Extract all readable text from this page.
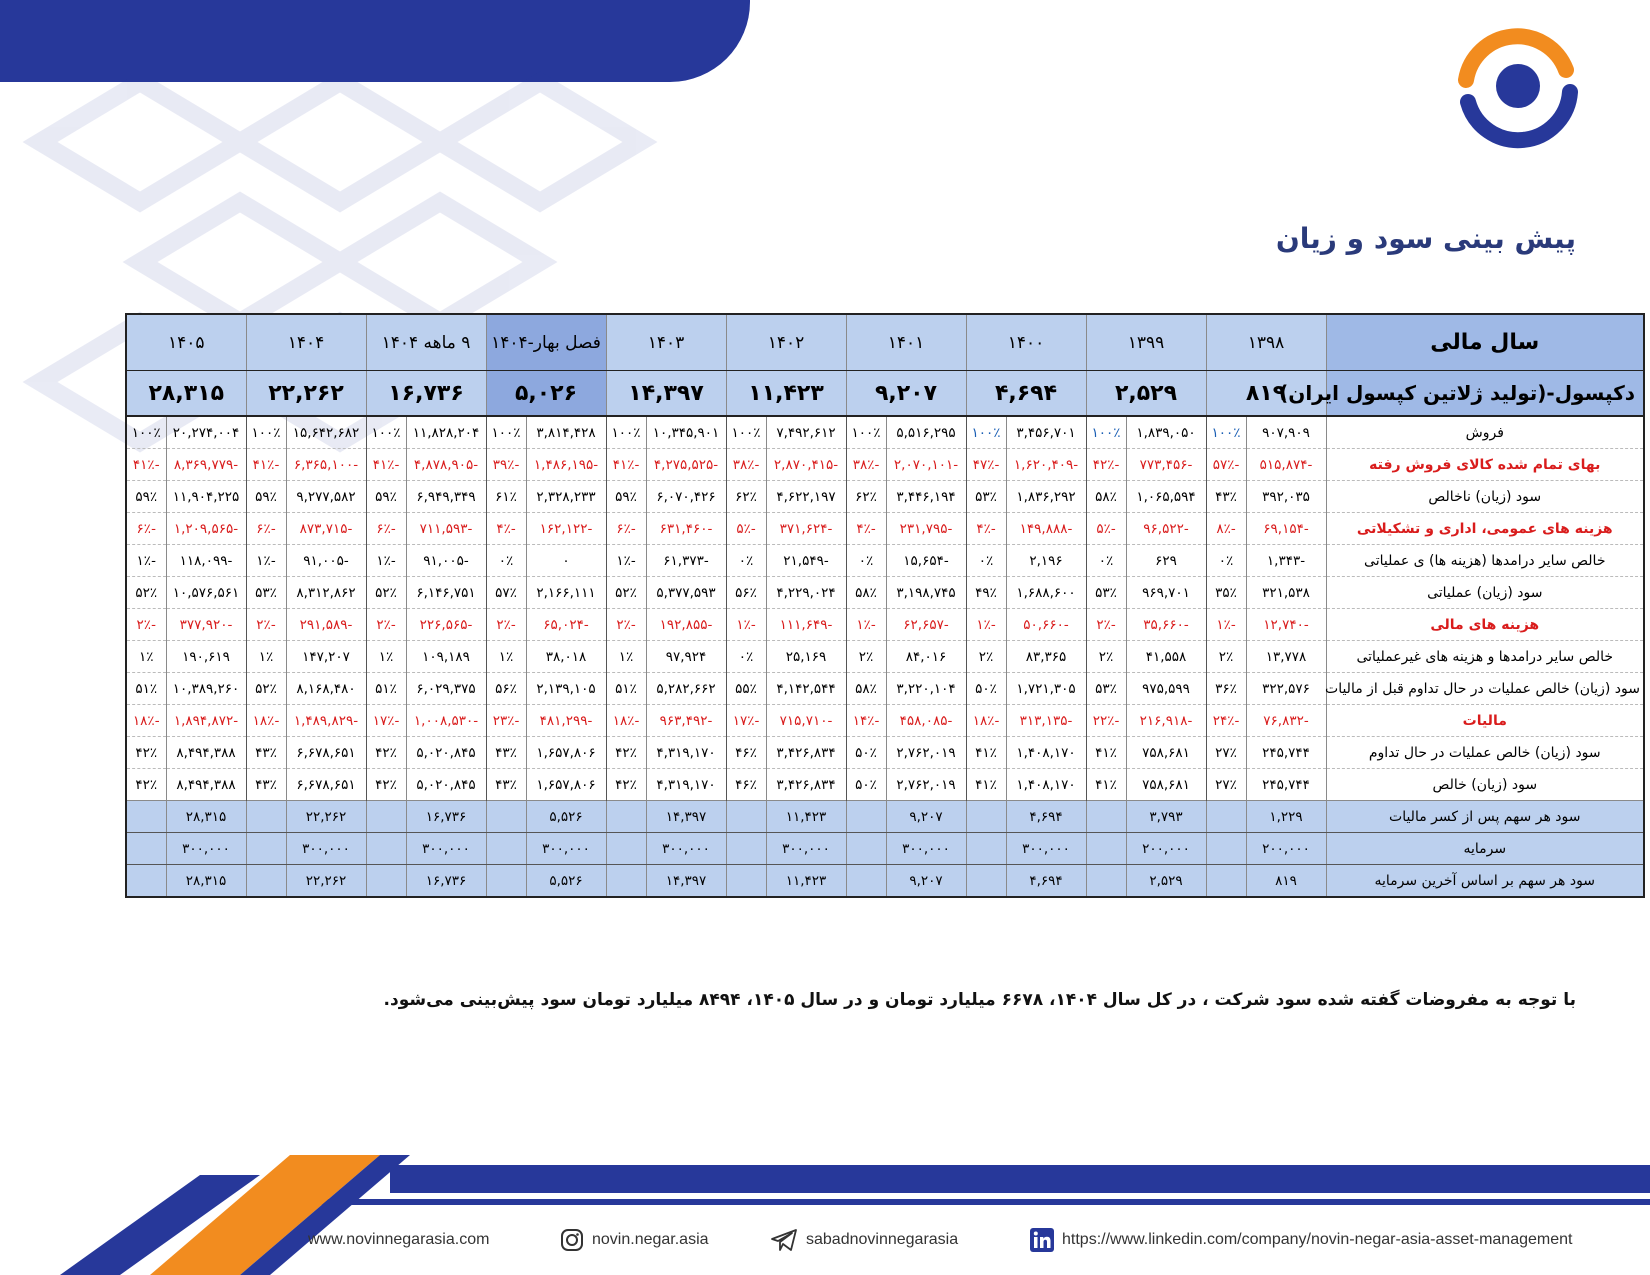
پیش بینی سود و زیان
سال مالی	۱۳۹۸		۱۳۹۹		۱۴۰۰		۱۴۰۱		۱۴۰۲		۱۴۰۳		فصل بهار-۱۴۰۴		۹ ماهه ۱۴۰۴		۱۴۰۴		۱۴۰۵	
دکپسول-(تولید ژلاتین کپسول ایران)	۸۱۹		۲,۵۲۹		۴,۶۹۴		۹,۲۰۷		۱۱,۴۲۳		۱۴,۳۹۷		۵,۰۲۶		۱۶,۷۳۶		۲۲,۲۶۲		۲۸,۳۱۵	
فروش	۹۰۷,۹۰۹	۱۰۰٪	۱,۸۳۹,۰۵۰	۱۰۰٪	۳,۴۵۶,۷۰۱	۱۰۰٪	۵,۵۱۶,۲۹۵	۱۰۰٪	۷,۴۹۲,۶۱۲	۱۰۰٪	۱۰,۳۴۵,۹۰۱	۱۰۰٪	۳,۸۱۴,۴۲۸	۱۰۰٪	۱۱,۸۲۸,۲۰۴	۱۰۰٪	۱۵,۶۴۲,۶۸۲	۱۰۰٪	۲۰,۲۷۴,۰۰۴	۱۰۰٪
بهای تمام شده کالای فروش رفته	-۵۱۵,۸۷۴	-۵۷٪	-۷۷۳,۴۵۶	-۴۲٪	-۱,۶۲۰,۴۰۹	-۴۷٪	-۲,۰۷۰,۱۰۱	-۳۸٪	-۲,۸۷۰,۴۱۵	-۳۸٪	-۴,۲۷۵,۵۲۵	-۴۱٪	-۱,۴۸۶,۱۹۵	-۳۹٪	-۴,۸۷۸,۹۰۵	-۴۱٪	-۶,۳۶۵,۱۰۰	-۴۱٪	-۸,۳۶۹,۷۷۹	-۴۱٪
سود (زیان) ناخالص	۳۹۲,۰۳۵	۴۳٪	۱,۰۶۵,۵۹۴	۵۸٪	۱,۸۳۶,۲۹۲	۵۳٪	۳,۴۴۶,۱۹۴	۶۲٪	۴,۶۲۲,۱۹۷	۶۲٪	۶,۰۷۰,۴۲۶	۵۹٪	۲,۳۲۸,۲۳۳	۶۱٪	۶,۹۴۹,۳۴۹	۵۹٪	۹,۲۷۷,۵۸۲	۵۹٪	۱۱,۹۰۴,۲۲۵	۵۹٪
هزینه های عمومی، اداری و تشکیلاتی	-۶۹,۱۵۴	-۸٪	-۹۶,۵۲۲	-۵٪	-۱۴۹,۸۸۸	-۴٪	-۲۳۱,۷۹۵	-۴٪	-۳۷۱,۶۲۴	-۵٪	-۶۳۱,۴۶۰	-۶٪	-۱۶۲,۱۲۲	-۴٪	-۷۱۱,۵۹۳	-۶٪	-۸۷۳,۷۱۵	-۶٪	-۱,۲۰۹,۵۶۵	-۶٪
خالص سایر درامدها (هزینه ها) ی عملیاتی	-۱,۳۴۳	۰٪	۶۲۹	۰٪	۲,۱۹۶	۰٪	-۱۵,۶۵۴	۰٪	-۲۱,۵۴۹	۰٪	-۶۱,۳۷۳	-۱٪	۰	۰٪	-۹۱,۰۰۵	-۱٪	-۹۱,۰۰۵	-۱٪	-۱۱۸,۰۹۹	-۱٪
سود (زیان) عملیاتی	۳۲۱,۵۳۸	۳۵٪	۹۶۹,۷۰۱	۵۳٪	۱,۶۸۸,۶۰۰	۴۹٪	۳,۱۹۸,۷۴۵	۵۸٪	۴,۲۲۹,۰۲۴	۵۶٪	۵,۳۷۷,۵۹۳	۵۲٪	۲,۱۶۶,۱۱۱	۵۷٪	۶,۱۴۶,۷۵۱	۵۲٪	۸,۳۱۲,۸۶۲	۵۳٪	۱۰,۵۷۶,۵۶۱	۵۲٪
هزینه های مالی	-۱۲,۷۴۰	-۱٪	-۳۵,۶۶۰	-۲٪	-۵۰,۶۶۰	-۱٪	-۶۲,۶۵۷	-۱٪	-۱۱۱,۶۴۹	-۱٪	-۱۹۲,۸۵۵	-۲٪	-۶۵,۰۲۴	-۲٪	-۲۲۶,۵۶۵	-۲٪	-۲۹۱,۵۸۹	-۲٪	-۳۷۷,۹۲۰	-۲٪
خالص سایر درامدها و هزینه های غیرعملیاتی	۱۳,۷۷۸	۲٪	۴۱,۵۵۸	۲٪	۸۳,۳۶۵	۲٪	۸۴,۰۱۶	۲٪	۲۵,۱۶۹	۰٪	۹۷,۹۲۴	۱٪	۳۸,۰۱۸	۱٪	۱۰۹,۱۸۹	۱٪	۱۴۷,۲۰۷	۱٪	۱۹۰,۶۱۹	۱٪
سود (زیان) خالص عملیات در حال تداوم قبل از مالیات	۳۲۲,۵۷۶	۳۶٪	۹۷۵,۵۹۹	۵۳٪	۱,۷۲۱,۳۰۵	۵۰٪	۳,۲۲۰,۱۰۴	۵۸٪	۴,۱۴۲,۵۴۴	۵۵٪	۵,۲۸۲,۶۶۲	۵۱٪	۲,۱۳۹,۱۰۵	۵۶٪	۶,۰۲۹,۳۷۵	۵۱٪	۸,۱۶۸,۴۸۰	۵۲٪	۱۰,۳۸۹,۲۶۰	۵۱٪
مالیات	-۷۶,۸۳۲	-۲۴٪	-۲۱۶,۹۱۸	-۲۲٪	-۳۱۳,۱۳۵	-۱۸٪	-۴۵۸,۰۸۵	-۱۴٪	-۷۱۵,۷۱۰	-۱۷٪	-۹۶۳,۴۹۲	-۱۸٪	-۴۸۱,۲۹۹	-۲۳٪	-۱,۰۰۸,۵۳۰	-۱۷٪	-۱,۴۸۹,۸۲۹	-۱۸٪	-۱,۸۹۴,۸۷۲	-۱۸٪
سود (زیان) خالص عملیات در حال تداوم	۲۴۵,۷۴۴	۲۷٪	۷۵۸,۶۸۱	۴۱٪	۱,۴۰۸,۱۷۰	۴۱٪	۲,۷۶۲,۰۱۹	۵۰٪	۳,۴۲۶,۸۳۴	۴۶٪	۴,۳۱۹,۱۷۰	۴۲٪	۱,۶۵۷,۸۰۶	۴۳٪	۵,۰۲۰,۸۴۵	۴۲٪	۶,۶۷۸,۶۵۱	۴۳٪	۸,۴۹۴,۳۸۸	۴۲٪
سود (زیان) خالص	۲۴۵,۷۴۴	۲۷٪	۷۵۸,۶۸۱	۴۱٪	۱,۴۰۸,۱۷۰	۴۱٪	۲,۷۶۲,۰۱۹	۵۰٪	۳,۴۲۶,۸۳۴	۴۶٪	۴,۳۱۹,۱۷۰	۴۲٪	۱,۶۵۷,۸۰۶	۴۳٪	۵,۰۲۰,۸۴۵	۴۲٪	۶,۶۷۸,۶۵۱	۴۳٪	۸,۴۹۴,۳۸۸	۴۲٪
سود هر سهم پس از کسر مالیات	۱,۲۲۹		۳,۷۹۳		۴,۶۹۴		۹,۲۰۷		۱۱,۴۲۳		۱۴,۳۹۷		۵,۵۲۶		۱۶,۷۳۶		۲۲,۲۶۲		۲۸,۳۱۵	
سرمایه	۲۰۰,۰۰۰		۲۰۰,۰۰۰		۳۰۰,۰۰۰		۳۰۰,۰۰۰		۳۰۰,۰۰۰		۳۰۰,۰۰۰		۳۰۰,۰۰۰		۳۰۰,۰۰۰		۳۰۰,۰۰۰		۳۰۰,۰۰۰	
سود هر سهم بر اساس آخرین سرمایه	۸۱۹		۲,۵۲۹		۴,۶۹۴		۹,۲۰۷		۱۱,۴۲۳		۱۴,۳۹۷		۵,۵۲۶		۱۶,۷۳۶		۲۲,۲۶۲		۲۸,۳۱۵	
با توجه به مفروضات گفته شده سود شرکت ، در کل سال ۱۴۰۴، ۶۶۷۸ میلیارد تومان و در سال ۱۴۰۵، ۸۴۹۴ میلیارد تومان سود پیش‌بینی می‌شود.
www.novinnegarasia.com	novin.negar.asia	sabadnovinnegarasia	https://www.linkedin.com/company/novin-negar-asia-asset-management
